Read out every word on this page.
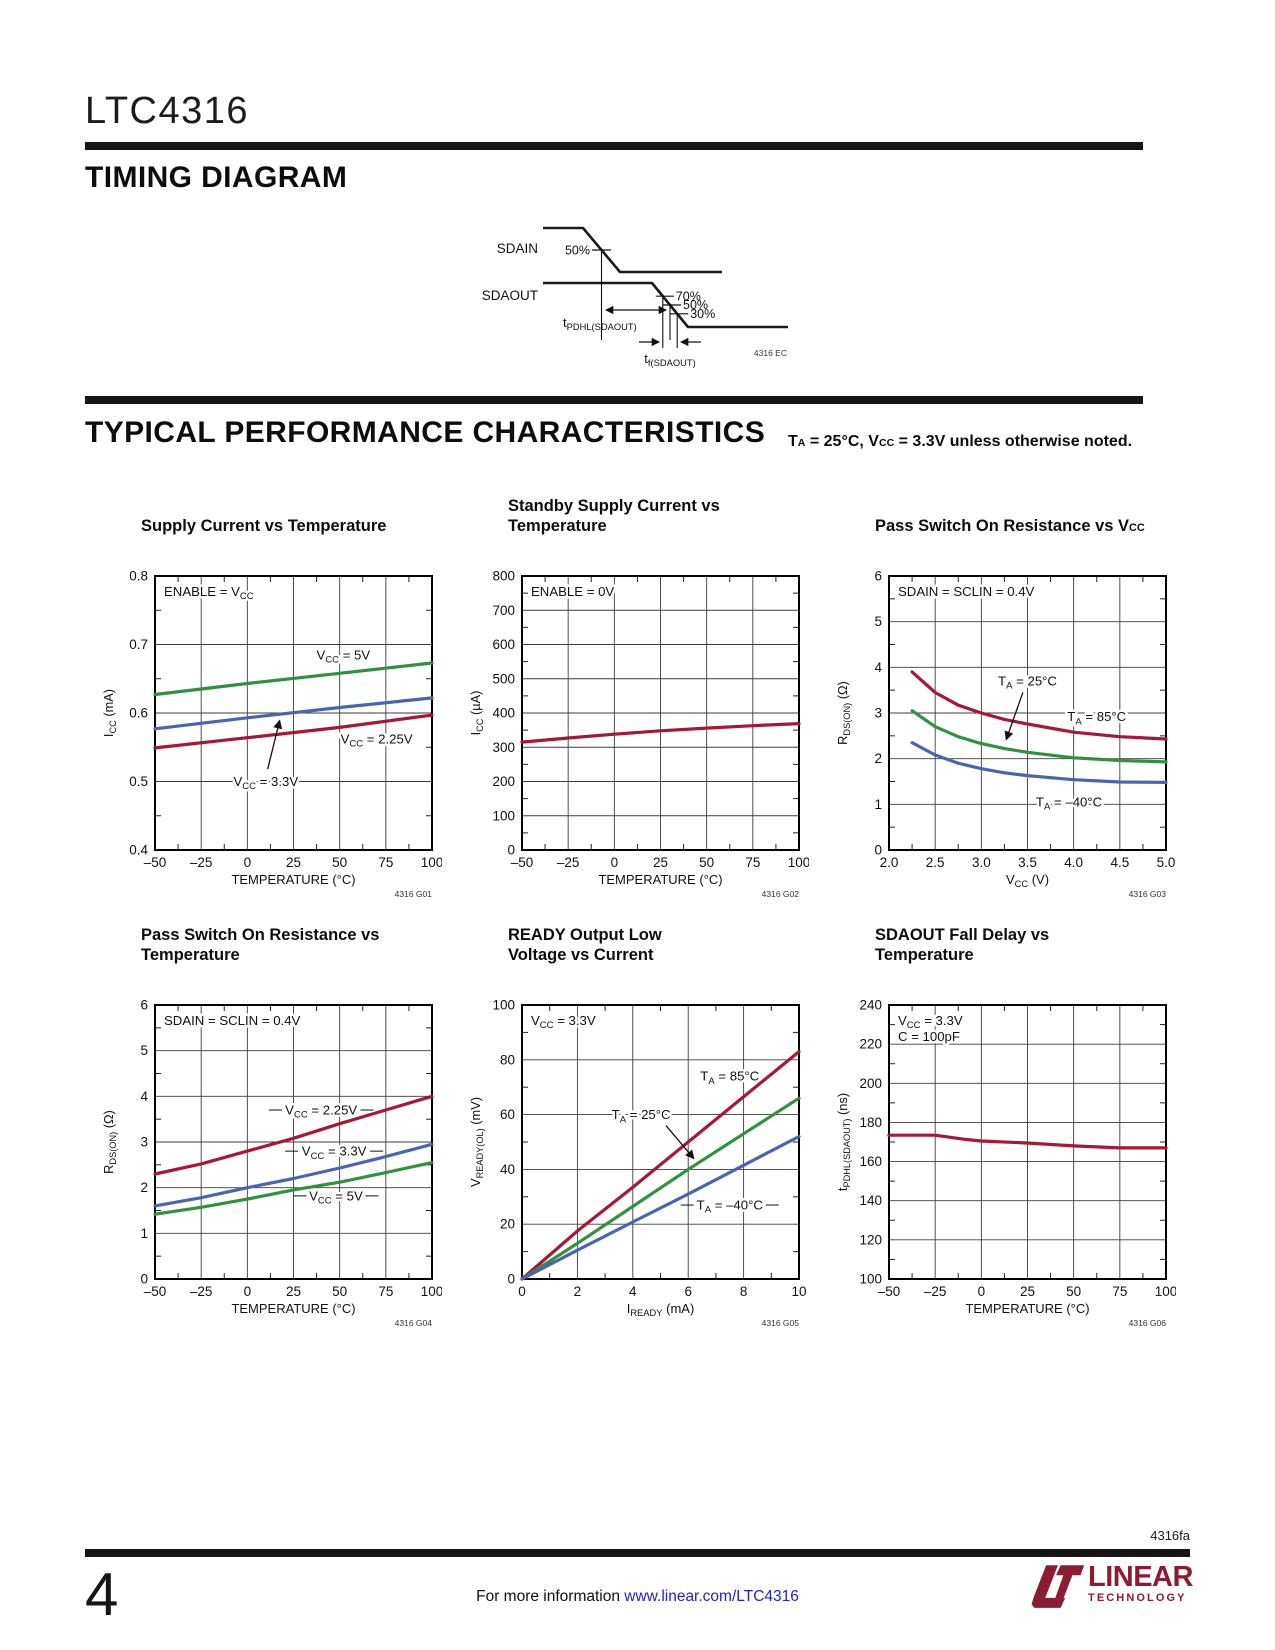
LTC4316
TIMING DIAGRAM
SDAIN
SDAOUT
50%
70%
50%
30%
$t_{PDHL(SDAOUT)}$
$t_{f(SDAOUT)}$
4316 EC
TYPICAL PERFORMANCE CHARACTERISTICS $T_A = 25^\circ C$, $V_{CC} = 3.3V$ unless otherwise noted.
Supply Current vs Temperature
ENABLE = $V_{CC}$
$V_{CC} = 5V$
$V_{CC} = 2.25V$
$V_{CC} = 3.3V$
–50 –25 0	25 50 75 100
0.4
0.5
0.6
0.7
0.8
TEMPERATURE (°C)
$I_{CC}$ (mA)
4316 G01
Standby Supply Current vs
Temperature
ENABLE = 0V
–50 –25 0	25 50 75 100
0
100
200
300
400
500
600
700
800
TEMPERATURE (°C)
$I_{CC}$ (µA)
4316 G02
Pass Switch On Resistance vs $V_{CC}$
SDAIN = SCLIN = 0.4V
$T_A = 25^\circ C$
$T_A = 85^\circ C$
$T_A = -40^\circ C$
2.0 2.5 3.0 3.5 4.0 4.5 5.0
0
1
2
3
4
5
6
$V_{CC}$ (V)
$R_{DS(ON)}$ (Ω)
4316 G03
Pass Switch On Resistance vs
Temperature
SDAIN = SCLIN = 0.4V
$V_{CC} = 2.25V$
$V_{CC} = 3.3V$
$V_{CC} = 5V$
–50 –25 0	25 50 75 100
0
1
2
3
4
5
6
TEMPERATURE (°C)
$R_{DS(ON)}$ (Ω)
4316 G04
READY Output Low
Voltage vs Current
$V_{CC} = 3.3V$
$T_A = 85^\circ C$
$T_A = 25^\circ C$
$T_A = -40^\circ C$
0	2	4	6	8	10
0
20
40
60
80
100
$I_{READY}$ (mA)
$V_{READY(OL)}$ (mV)
4316 G05
SDAOUT Fall Delay vs
Temperature
$V_{CC} = 3.3V$
C = 100pF
–50 –25 0	25 50 75 100
100
120
140
160
180
200
220
240
TEMPERATURE (°C)
$t_{PDHL(SDAOUT)}$ (ns)
4316 G06
4316fa
4	For more information www.linear.com/LTC4316
LINEAR
TECHNOLOGY
